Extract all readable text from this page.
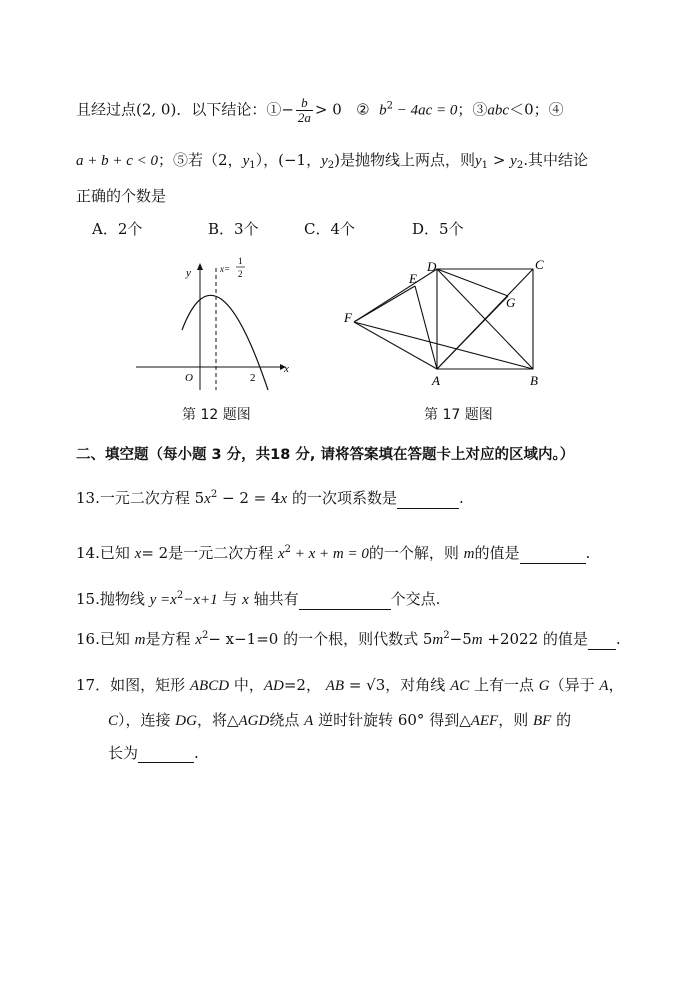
且经过点(2, 0)．以下结论：①− $\frac{b}{2a} > 0$ ② $b^2 - 4ac = 0$；③abc＜0；④
a + b + c < 0；⑤若（2，$y_1$），(−1，$y_2$)是抛物线上两点，则$y_1 > y_2$.其中结论
正确的个数是
A．2个	B．3个	C．4个	D．5个
x
y
O	2
x=
1
2
第 12 题图
A	B
C
D
E
F
G
第 17 题图
二、填空题（每小题 3 分，共18 分, 请将答案填在答题卡上对应的区域内。）
13.一元二次方程 $5x^2 - 2 = 4x$ 的一次项系数是	.
14.已知 x= 2是一元二次方程 $x^2 + x + m = 0$的一个解，则 m的值是	.
15.抛物线 $y =x^2-x+1$ 与 x 轴共有	个交点.
16.已知 m是方程 $x^2- x-1=0$ 的一个根，则代数式 $5m^2-5m +2022$ 的值是 .
17．如图，矩形 ABCD 中，AD=2， AB = √3，对角线 AC 上有一点 G（异于 A，
C），连接 DG，将△AGD绕点 A 逆时针旋转 60° 得到△AEF，则 BF 的
长为	.
